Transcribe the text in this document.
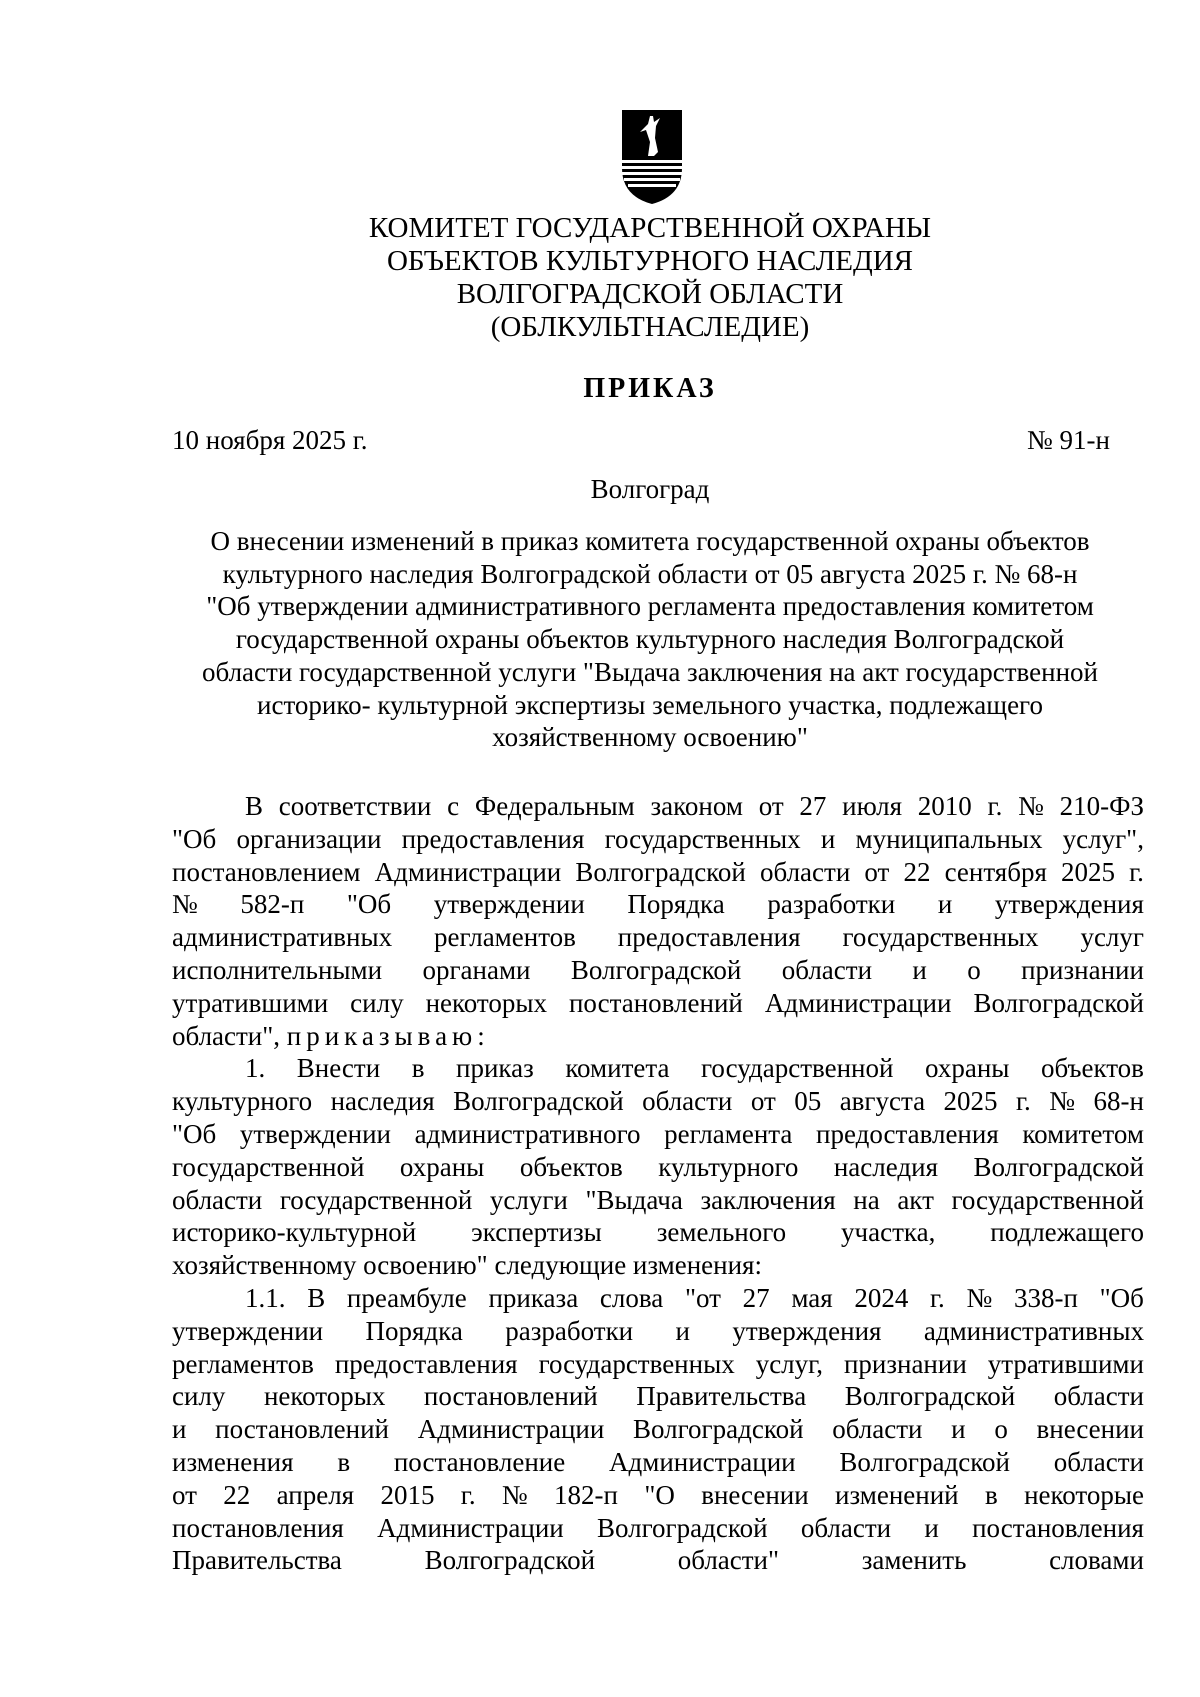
КОМИТЕТ ГОСУДАРСТВЕННОЙ ОХРАНЫ
ОБЪЕКТОВ КУЛЬТУРНОГО НАСЛЕДИЯ
ВОЛГОГРАДСКОЙ ОБЛАСТИ
(ОБЛКУЛЬТНАСЛЕДИЕ)
ПРИКАЗ
10 ноября 2025 г.	№ 91-н
Волгоград
О внесении изменений в приказ комитета государственной охраны объектов
культурного наследия Волгоградской области от 05 августа 2025 г. № 68-н
"Об утверждении административного регламента предоставления комитетом
государственной охраны объектов культурного наследия Волгоградской
области государственной услуги "Выдача заключения на акт государственной
историко- культурной экспертизы земельного участка, подлежащего
хозяйственному освоению"
В соответствии с Федеральным законом от 27 июля 2010 г. № 210-ФЗ
"Об организации предоставления государственных и муниципальных услуг",
постановлением Администрации Волгоградской области от 22 сентября 2025 г.
№ 582-п "Об утверждении Порядка разработки и утверждения
административных регламентов предоставления государственных услуг
исполнительными органами Волгоградской области и о признании
утратившими силу некоторых постановлений Администрации Волгоградской
области",
приказываю:
1. Внести в приказ комитета государственной охраны объектов
культурного наследия Волгоградской области от 05 августа 2025 г. № 68-н
"Об утверждении административного регламента предоставления комитетом
государственной охраны объектов культурного наследия Волгоградской
области государственной услуги "Выдача заключения на акт государственной
историко-культурной экспертизы земельного участка, подлежащего
хозяйственному освоению" следующие изменения:
1.1. В преамбуле приказа слова "от 27 мая 2024 г. № 338-п "Об
утверждении Порядка разработки и утверждения административных
регламентов предоставления государственных услуг, признании утратившими
силу некоторых постановлений Правительства Волгоградской области
и постановлений Администрации Волгоградской области и о внесении
изменения в постановление Администрации Волгоградской области
от 22 апреля 2015 г. № 182-п "О внесении изменений в некоторые
постановления Администрации Волгоградской области и постановления
Правительства	Волгоградской	области"	заменить	словами
